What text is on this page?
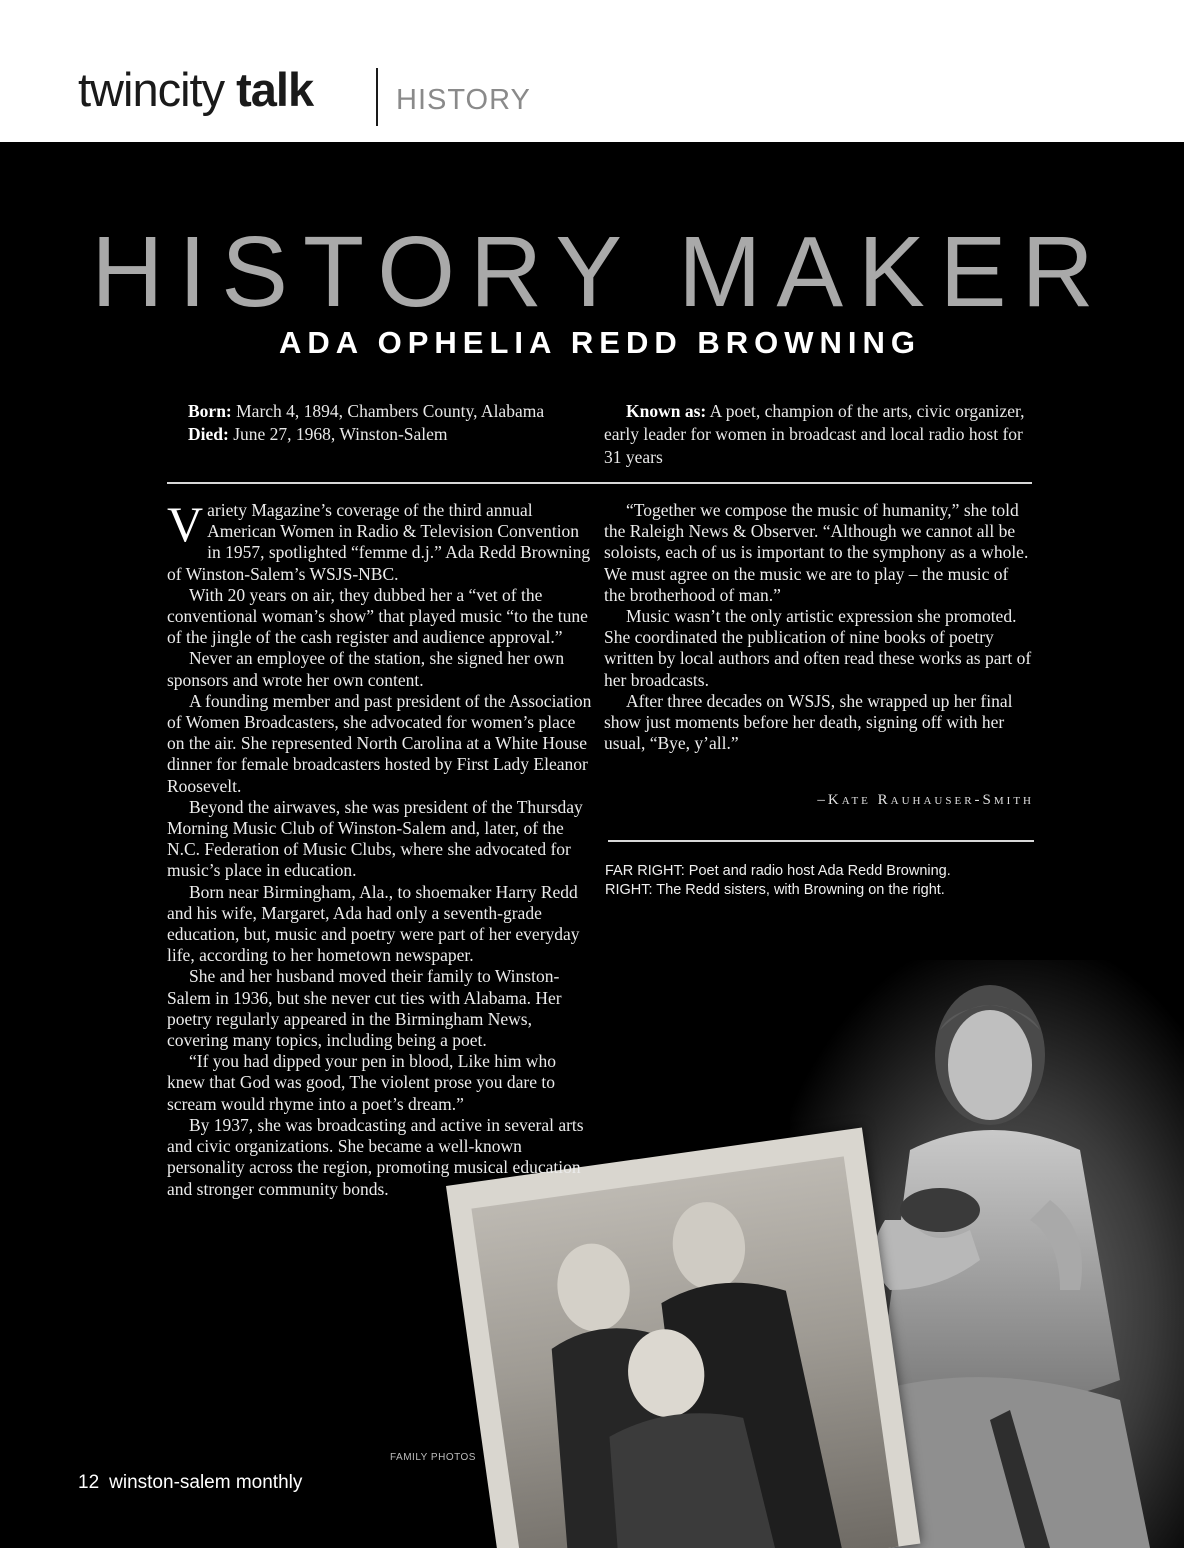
twincity talk	HISTORY
HISTORY MAKER
ADA OPHELIA REDD BROWNING
Born: March 4, 1894, Chambers County, Alabama
Died: June 27, 1968, Winston-Salem
Known as: A poet, champion of the arts, civic organizer, early leader for women in broadcast and local radio host for 31 years

Variety Magazine’s coverage of the third annual American Women in Radio & Television Convention in 1957, spotlighted “femme d.j.” Ada Redd Browning of Winston-Salem’s WSJS-NBC.

With 20 years on air, they dubbed her a “vet of the conventional woman’s show” that played music “to the tune of the jingle of the cash register and audience approval.”

Never an employee of the station, she signed her own sponsors and wrote her own content.

A founding member and past president of the Association of Women Broadcasters, she advocated for women’s place on the air. She represented North Carolina at a White House dinner for female broadcasters hosted by First Lady Eleanor Roosevelt.

Beyond the airwaves, she was president of the Thursday Morning Music Club of Winston-Salem and, later, of the N.C. Federation of Music Clubs, where she advocated for music’s place in education.

Born near Birmingham, Ala., to shoemaker Harry Redd and his wife, Margaret, Ada had only a seventh-grade education, but, music and poetry were part of her everyday life, according to her hometown newspaper.

She and her husband moved their family to Winston-Salem in 1936, but she never cut ties with Alabama. Her poetry regularly appeared in the Birmingham News, covering many topics, including being a poet.

“If you had dipped your pen in blood, Like him who knew that God was good, The violent prose you dare to scream would rhyme into a poet’s dream.”

By 1937, she was broadcasting and active in several arts and civic organizations. She became a well-known personality across the region, promoting musical education and stronger community bonds.

“Together we compose the music of humanity,” she told the Raleigh News & Observer. “Although we cannot all be soloists, each of us is important to the symphony as a whole. We must agree on the music we are to play – the music of the brotherhood of man.”

Music wasn’t the only artistic expression she promoted. She coordinated the publication of nine books of poetry written by local authors and often read these works as part of her broadcasts.

After three decades on WSJS, she wrapped up her final show just moments before her death, signing off with her usual, “Bye, y’all.”

–Kate Rauhauser-Smith
FAR RIGHT: Poet and radio host Ada Redd Browning.
RIGHT: The Redd sisters, with Browning on the right.
FAMILY PHOTOS
12 winston-salem monthly
